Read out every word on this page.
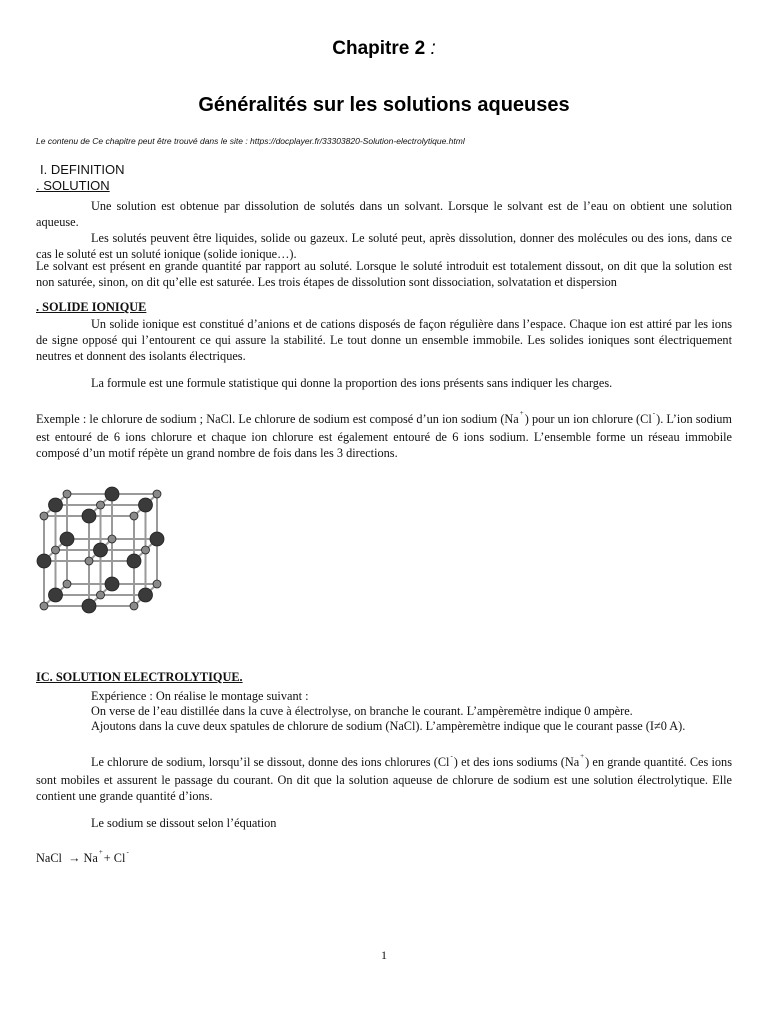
Chapitre 2 :
Généralités sur les solutions aqueuses
Le contenu de Ce chapitre peut être trouvé dans le site : https://docplayer.fr/33303820-Solution-electrolytique.html
I. DEFINITION
. SOLUTION
Une solution est obtenue par dissolution de solutés dans un solvant. Lorsque le solvant est de l’eau on obtient une solution aqueuse.
Les solutés peuvent être liquides, solide ou gazeux. Le soluté peut, après dissolution, donner des molécules ou des ions, dans ce cas le soluté est un soluté ionique (solide ionique…).
Le solvant est présent en grande quantité par rapport au soluté. Lorsque le soluté introduit est totalement dissout, on dit que la solution est non saturée, sinon, on dit qu’elle est saturée. Les trois étapes de dissolution sont dissociation, solvatation et dispersion
. SOLIDE IONIQUE
Un solide ionique est constitué d’anions et de cations disposés de façon régulière dans l’espace. Chaque ion est attiré par les ions de signe opposé qui l’entourent ce qui assure la stabilité. Le tout donne un ensemble immobile. Les solides ioniques sont électriquement neutres et donnent des isolants électriques.
La formule est une formule statistique qui donne la proportion des ions présents sans indiquer les charges.
Exemple : le chlorure de sodium ; NaCl. Le chlorure de sodium est composé d’un ion sodium (Na+) pour un ion chlorure (Cl-). L’ion sodium est entouré de 6 ions chlorure et chaque ion chlorure est également entouré de 6 ions sodium. L’ensemble forme un réseau immobile composé d’un motif répète un grand nombre de fois dans les 3 directions.
IC. SOLUTION ELECTROLYTIQUE.
Expérience : On réalise le montage suivant :
On verse de l’eau distillée dans la cuve à électrolyse, on branche le courant. L’ampèremètre indique 0 ampère.
Ajoutons dans la cuve deux spatules de chlorure de sodium (NaCl). L’ampèremètre indique que le courant passe (I≠0 A).
Le chlorure de sodium, lorsqu’il se dissout, donne des ions chlorures (Cl-) et des ions sodiums (Na+) en grande quantité. Ces ions sont mobiles et assurent le passage du courant. On dit que la solution aqueuse de chlorure de sodium est une solution électrolytique. Elle contient une grande quantité d’ions.
Le sodium se dissout selon l’équation
NaCl → Na++ Cl-
1
